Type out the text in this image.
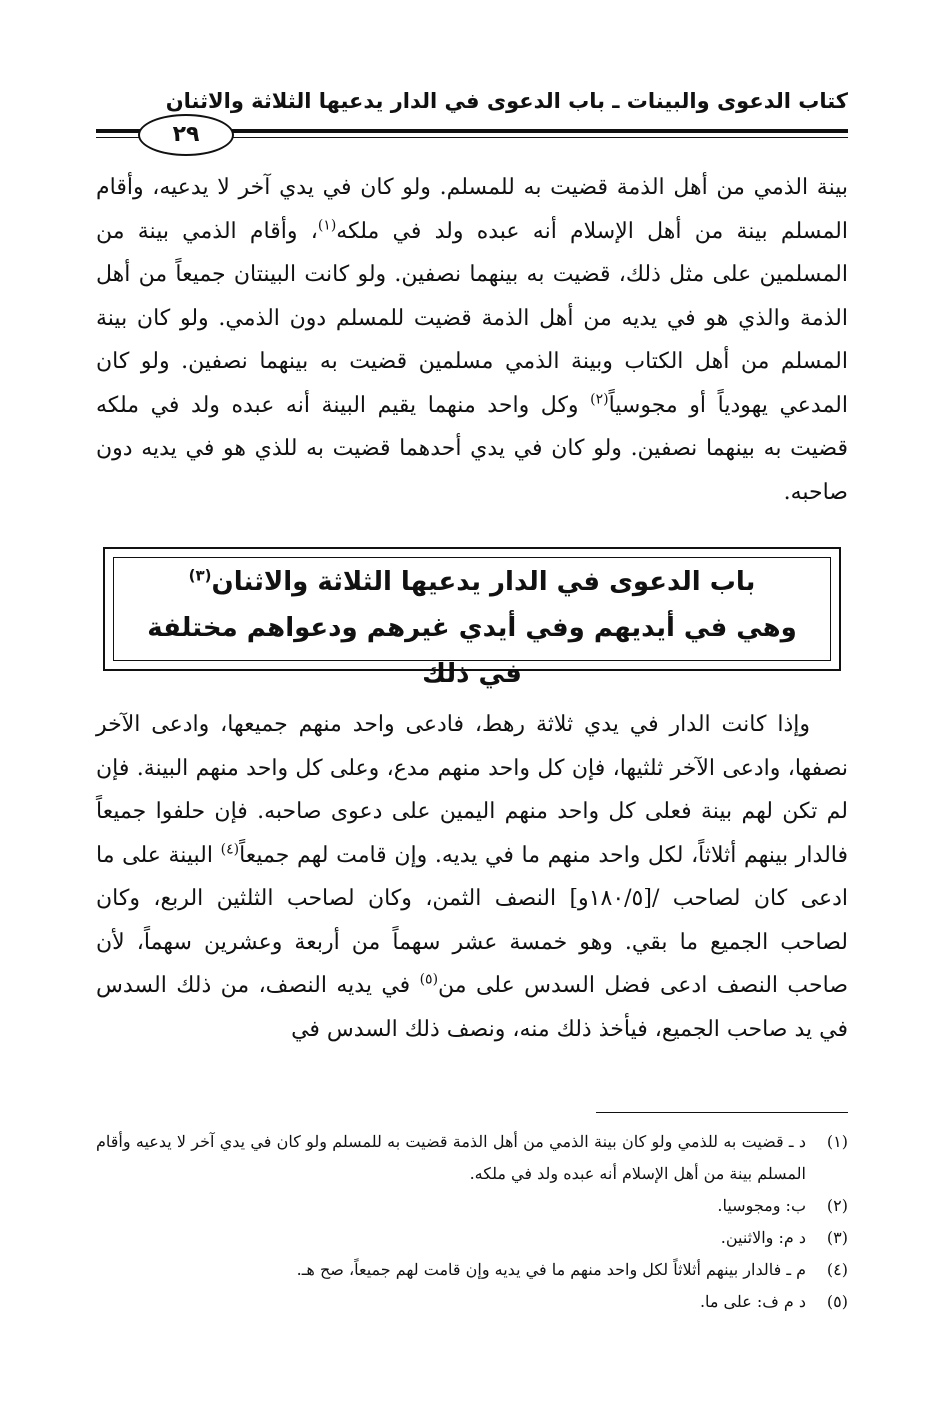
كتاب الدعوى والبينات ـ باب الدعوى في الدار يدعيها الثلاثة والاثنان
٢٩
بينة الذمي من أهل الذمة قضيت به للمسلم. ولو كان في يدي آخر لا يدعيه، وأقام المسلم بينة من أهل الإسلام أنه عبده ولد في ملكه$^{(١)}$، وأقام الذمي بينة من المسلمين على مثل ذلك، قضيت به بينهما نصفين. ولو كانت البينتان جميعاً من أهل الذمة والذي هو في يديه من أهل الذمة قضيت للمسلم دون الذمي. ولو كان بينة المسلم من أهل الكتاب وبينة الذمي مسلمين قضيت به بينهما نصفين. ولو كان المدعي يهودياً أو مجوسياً$^{(٢)}$ وكل واحد منهما يقيم البينة أنه عبده ولد في ملكه قضيت به بينهما نصفين. ولو كان في يدي أحدهما قضيت به للذي هو في يديه دون صاحبه.
باب الدعوى في الدار يدعيها الثلاثة والاثنان$^{(٣)}$
وهي في أيديهم وفي أيدي غيرهم ودعواهم مختلفة في ذلك
وإذا كانت الدار في يدي ثلاثة رهط، فادعى واحد منهم جميعها، وادعى الآخر نصفها، وادعى الآخر ثلثيها، فإن كل واحد منهم مدع، وعلى كل واحد منهم البينة. فإن لم تكن لهم بينة فعلى كل واحد منهم اليمين على دعوى صاحبه. فإن حلفوا جميعاً فالدار بينهم أثلاثاً، لكل واحد منهم ما في يديه. وإن قامت لهم جميعاً$^{(٤)}$ البينة على ما ادعى كان لصاحب /[١٨٠/٥و] النصف الثمن، وكان لصاحب الثلثين الربع، وكان لصاحب الجميع ما بقي. وهو خمسة عشر سهماً من أربعة وعشرين سهماً، لأن صاحب النصف ادعى فضل السدس على من$^{(٥)}$ في يديه النصف، من ذلك السدس في يد صاحب الجميع، فيأخذ ذلك منه، ونصف ذلك السدس في
(١)
د ـ قضيت به للذمي ولو كان بينة الذمي من أهل الذمة قضيت به للمسلم ولو كان في يدي آخر لا يدعيه وأقام المسلم بينة من أهل الإسلام أنه عبده ولد في ملكه.
(٢)
ب: ومجوسيا.
(٣)
د م: والاثنين.
(٤)
م ـ فالدار بينهم أثلاثاً لكل واحد منهم ما في يديه وإن قامت لهم جميعاً، صح هـ.
(٥)
د م ف: على ما.
